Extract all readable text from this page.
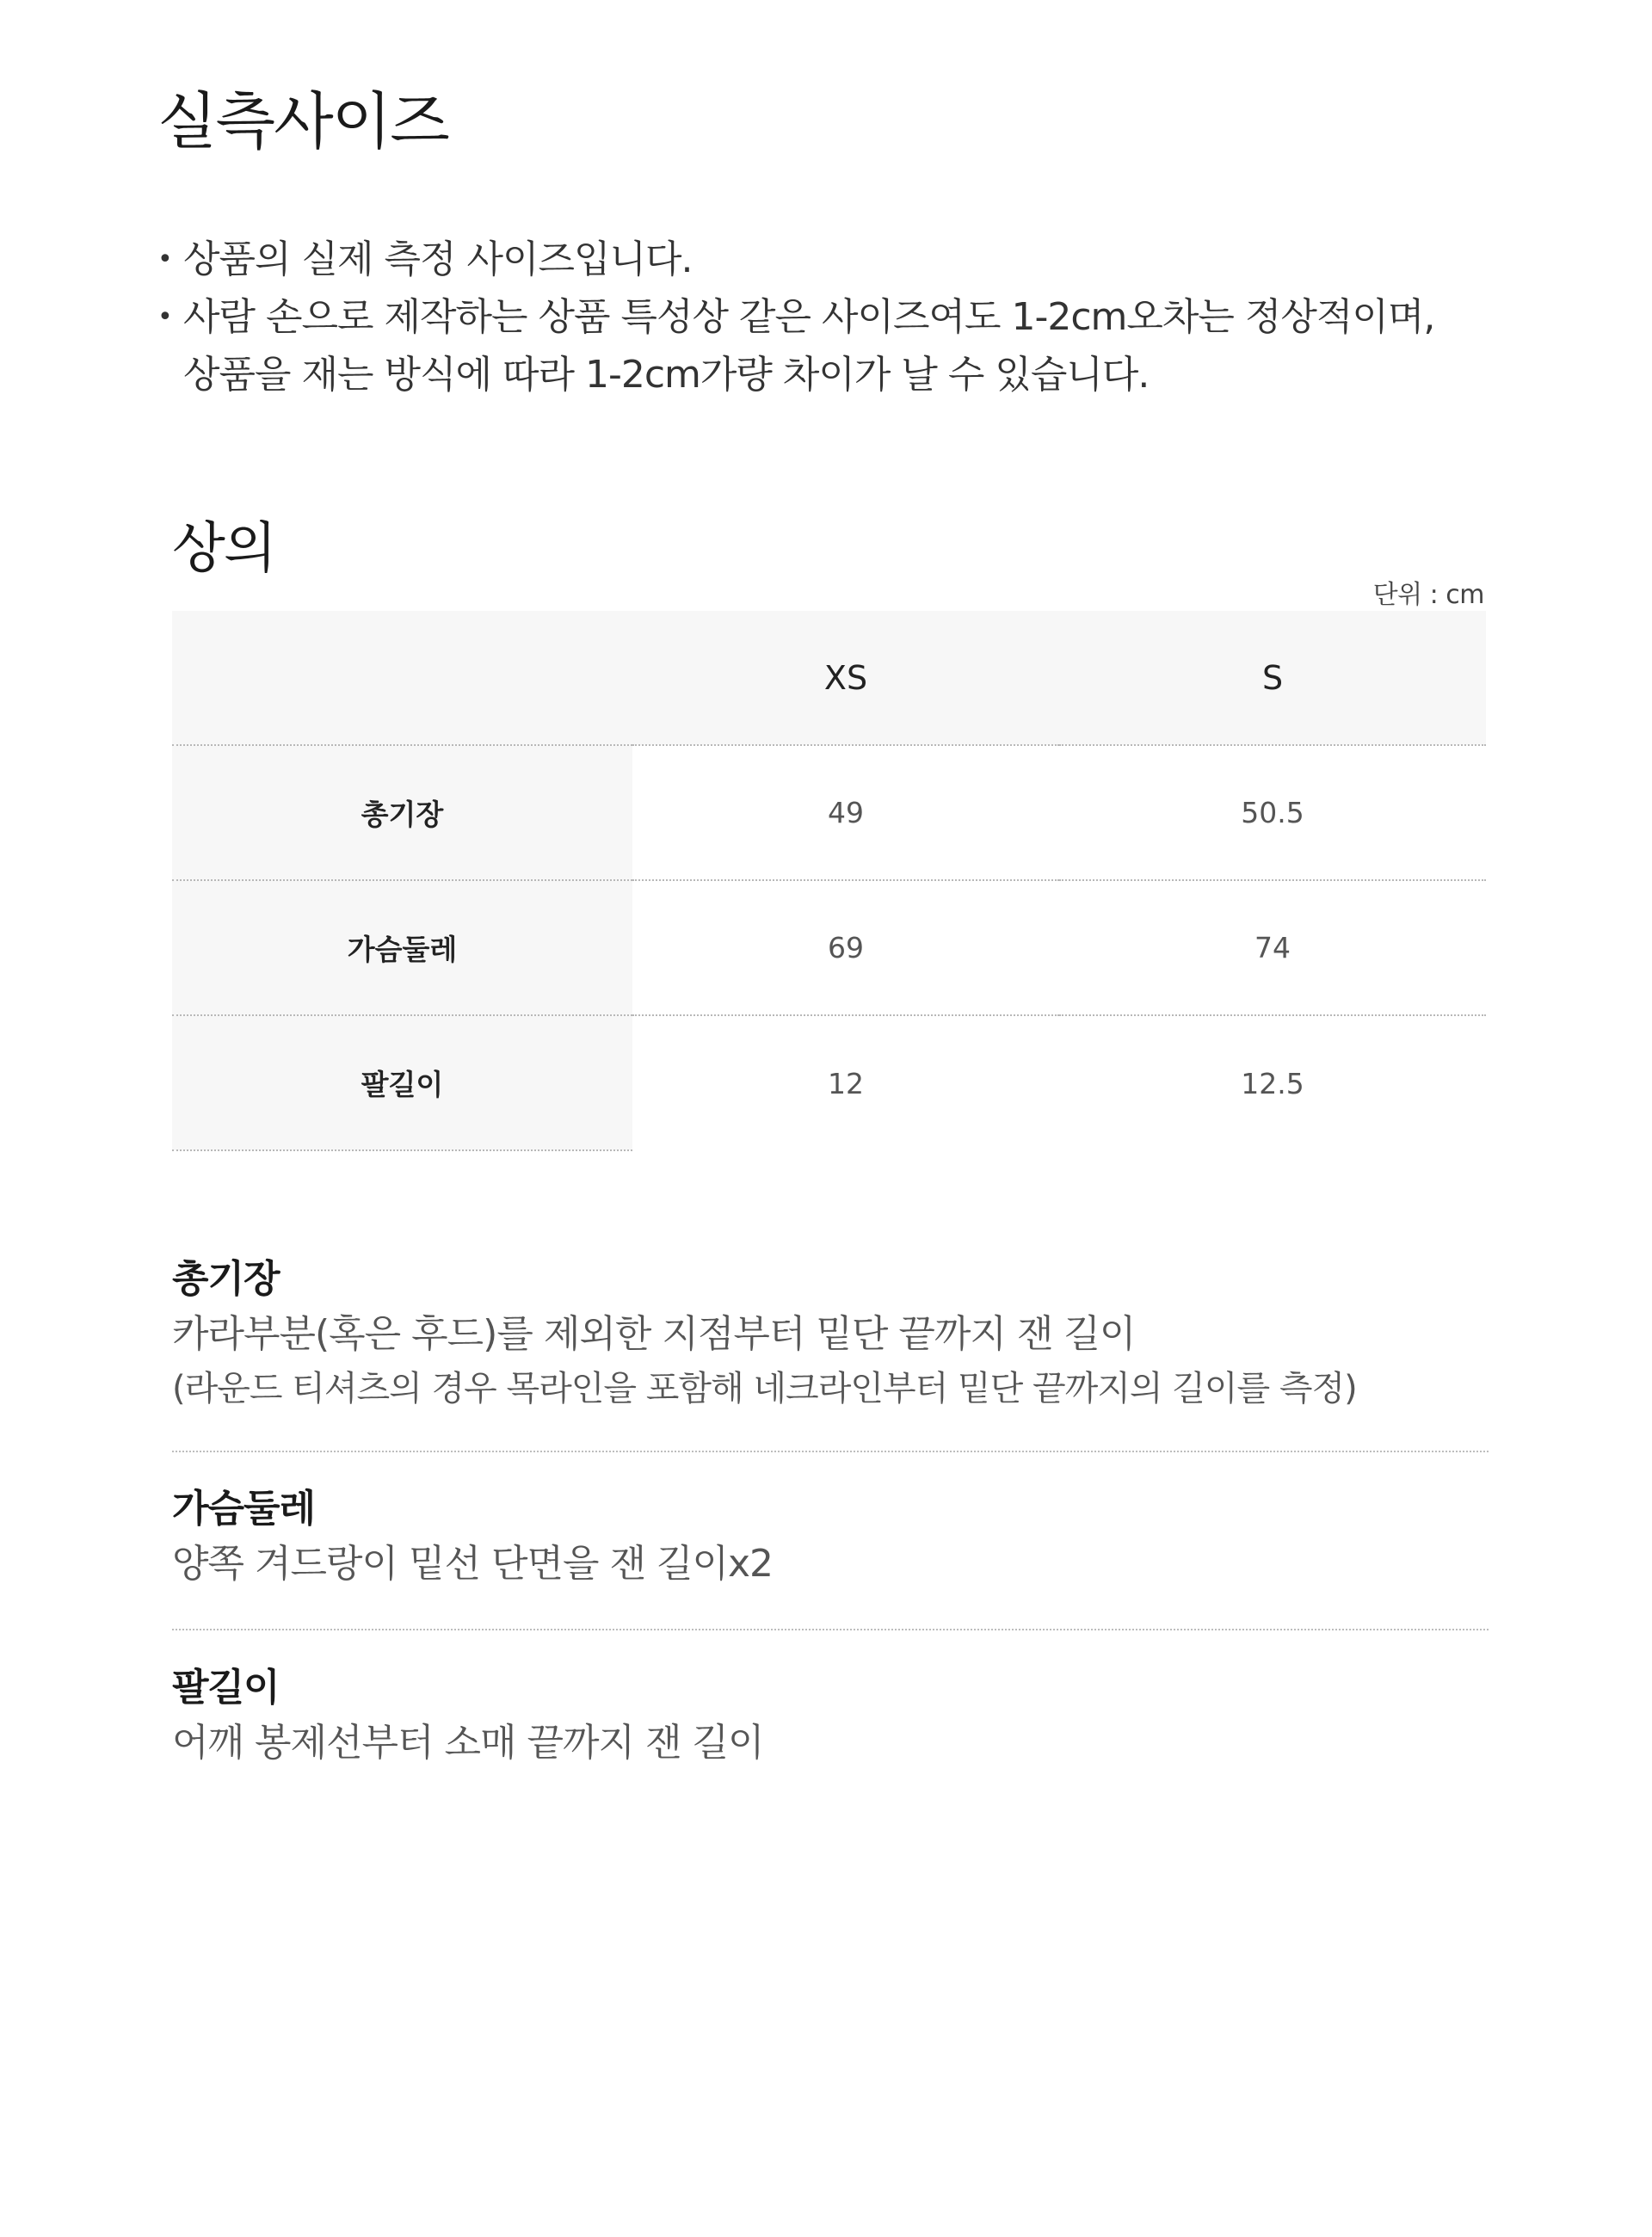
실측사이즈
• 상품의 실제 측정 사이즈입니다.
• 사람 손으로 제작하는 상품 특성상 같은 사이즈여도 1-2cm오차는 정상적이며,
상품을 재는 방식에 따라 1-2cm가량 차이가 날 수 있습니다.
상의
단위 : cm
	XS	S
총기장	49	50.5
가슴둘레	69	74
팔길이	12	12.5

총기장

카라부분(혹은 후드)를 제외한 지점부터 밑단 끝까지 잰 길이

(라운드 티셔츠의 경우 목라인을 포함해 네크라인부터 밑단 끝까지의 길이를 측정)

가슴둘레

양쪽 겨드랑이 밑선 단면을 잰 길이x2

팔길이

어깨 봉제선부터 소매 끝까지 잰 길이
